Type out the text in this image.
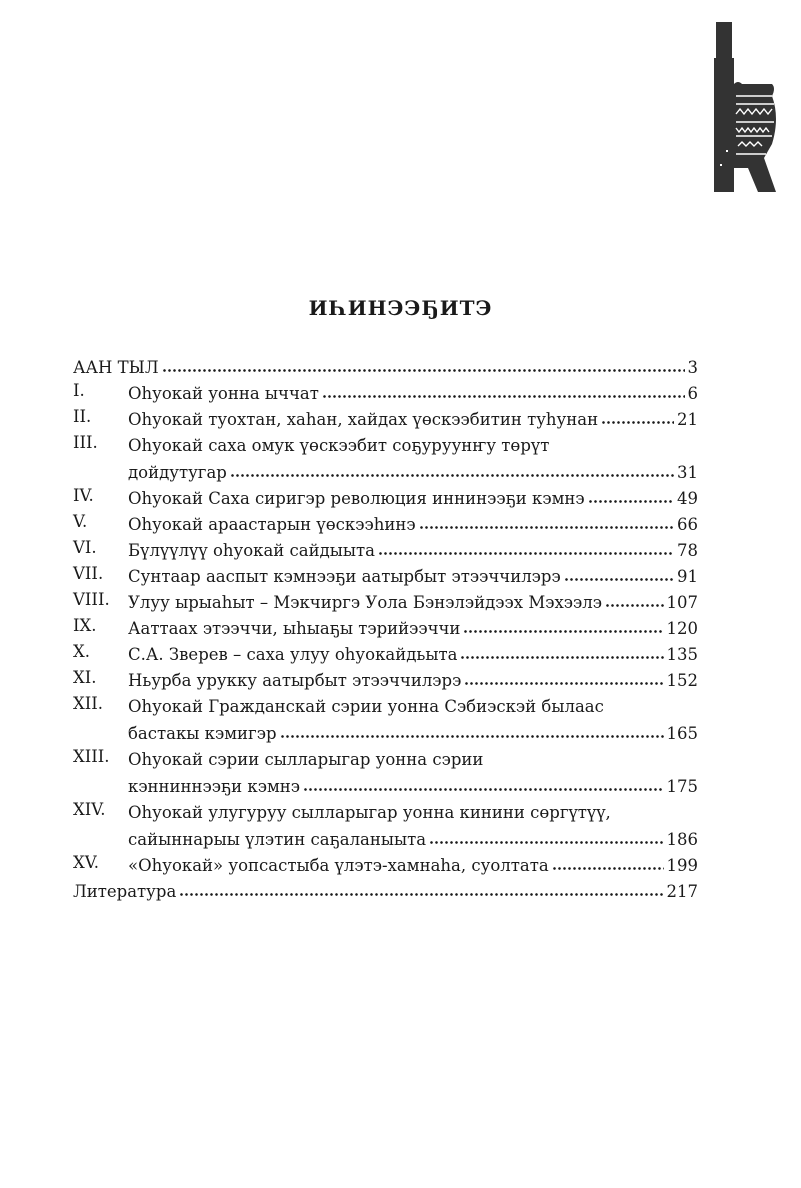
ИҺИНЭЭҔИТЭ
ААН ТЫЛ	3
I.	Оһуокай уонна ыччат	6
II.	Оһуокай туохтан, хаһан, хайдах үөскээбитин туһунан	21
III.	Оһуокай саха омук үөскээбит соҕуруунҥу төрүт
дойдутугар	31
IV.	Оһуокай Саха сиригэр революция иннинээҕи кэмнэ	49
V.	Оһуокай араастарын үөскээһинэ	66
VI.	Бүлүүлүү оһуокай сайдыыта	78
VII.	Сунтаар ааспыт кэмнээҕи аатырбыт этээччилэрэ	91
VIII.	Улуу ырыаһыт – Мэкчиргэ Уола Бэнэлэйдээх Мэхээлэ	107
IX.	Ааттаах этээччи, ыһыаҕы тэрийээччи	120
X.	С.А. Зверев – саха улуу оһуокайдьыта	135
XI.	Ньурба урукку аатырбыт этээччилэрэ	152
XII.	Оһуокай Гражданскай сэрии уонна Сэбиэскэй былаас
бастакы кэмигэр	165
XIII.	Оһуокай сэрии сылларыгар уонна сэрии
кэнниннээҕи кэмнэ	175
XIV.	Оһуокай улугуруу сылларыгар уонна кинини сөргүтүү,
сайыннарыы үлэтин саҕаланыыта	186
XV.	«Оһуокай» уопсастыба үлэтэ-хамнаһа, суолтата	199
Литература	217
